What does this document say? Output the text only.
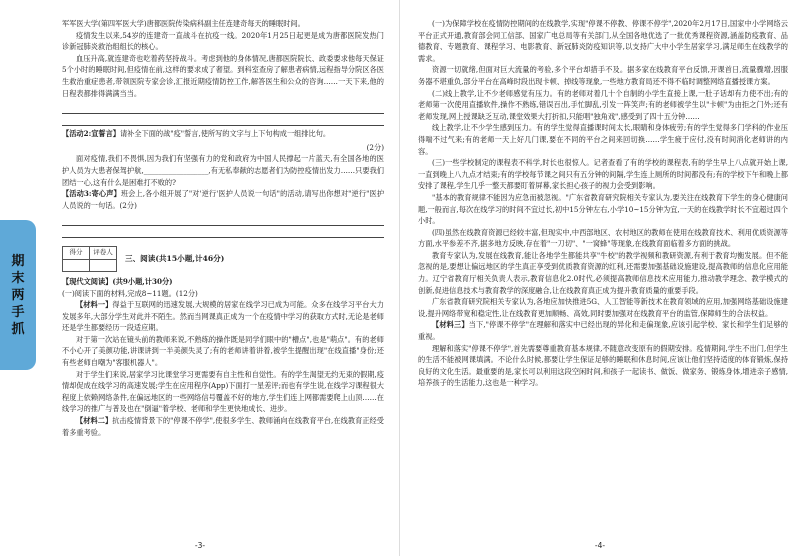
期
末
两
手
抓

军军医大学(第四军医大学)唐都医院传染病科副主任连建奇每天的睡眠时间。

疫情发生以来,54岁的连建奇一直战斗在抗疫一线。2020年1月25日起更是成为唐都医院发热门诊新冠肺炎救治组组长的核心。

血压升高,就连建奇也吃着药坚持战斗。考虑到他的身体情况,唐都医院院长、政委要求他每天保证5个小时的睡眠时间,但疫情在前,这样的要求成了奢望。到科室查房了解患者病情,远程指导分院区各医生救治重症患者,带领医院专家会诊,汇报近期疫情防控工作,解答医生和公众的咨询……一天下来,他的日程表都排得满满当当。

【活动2:宣誓言】请补全下面的战"疫"誓言,使所写的文字与上下句构成一组排比句。

(2分)

面对疫情,我们不畏惧,因为我们有坚强有力的党和政府为中国人民撑起一片蓝天,有全国各地的医护人员为大患者保驾护航,__________________,有无私奉献的志愿者们为防控疫情出发力……只要我们团结一心,这有什么是困难打不败的?

【活动3:寄心声】班会上,各小组开展了"对'逆行'医护人员说一句话"的活动,请写出你想对"逆行"医护人员说的一句话。(2分)

得分	评卷人

三、阅读(共15小题,计46分)

【现代文阅读】(共9小题,计30分)

(一)阅读下面的材料,完成8~11题。(12分)

【材料一】得益于互联网的迅速发展,大规模的居家在线学习已成为可能。众多在线学习平台大力发展多年,大部分学生对此并不陌生。然而当网课真正成为一个在疫情中学习的获取方式时,无论是老师还是学生都要经历一段适应期。

对于第一次站在镜头前的教师来说,不熟练的操作既是同学们眼中的"槽点",也是"萌点"。有的老师不小心开了美颜功能,讲课讲到一半美颜失灵了;有的老师讲着讲着,被学生提醒出现"在线直播"身份;还有些老师自嘲为"客服机器人"。

对于学生们来说,居家学习比课堂学习更需要有自主性和自觉性。有的学生渴望无约无束的假期,疫情却促成在线学习的高速发展;学生在应用程序(App)下面打一星差评;而也有学生说,在线学习课程很大程度上依赖网络条件,在偏远地区的一些网络信号覆盖不好的地方,学生们连上网都需要爬上山顶……在线学习的推广与普及也在"倒逼"着学校、老师和学生更快地成长、进步。

【材料二】抗击疫情背景下的"停课不停学",使很多学生、教师涌向在线教育平台,在线教育正经受着多重考验。

-3-

(一)为保障学校在疫情防控期间的在线教学,实现"停课不停教、停课不停学",2020年2月17日,国家中小学网络云平台正式开通,教育部会同工信部、国家广电总局等有关部门,从全国各地优选了一批优秀课程资源,涵盖防疫教育、品德教育、专题教育、课程学习、电影教育、新冠肺炎防疫知识等,以支持广大中小学生居家学习,满足师生在线教学的需求。

资源一切就绪,但面对巨大流量的考验,多个平台却措手不及。据多家在线教育平台反馈,开课首日,流量骤增,因服务器不堪重负,部分平台在高峰时段出现卡顿、掉线等现象,一些地方教育局还不得不临时调整网络直播授课方案。

(二)线上教学,让不少老师感觉有压力。有的老师对着几十个自制的小学生直接上课,一肚子话却有力使不出;有的老师第一次使用直播软件,操作不熟练,错误百出,手忙脚乱,引发一阵笑声;有的老师被学生以"卡顿"为由拒之门外;还有老师发现,网上授课缺乏互动,课堂效果大打折扣,只能唱"独角戏",感受到了四十五分钟……

线上教学,让不少学生感到压力。有的学生觉得直播课时间太长,眼睛和身体疲劳;有的学生觉得多门学科的作业压得喘不过气来;有的老师一天上好几门课,要在不同的平台之间来回切换……学生疲于应付,没有时间消化老师讲的内容。

(三)一些学校制定的课程表不科学,时长也很惊人。记者查看了有的学校的课程表,有的学生早上八点就开始上课,一直到晚上八九点才结束;有的学校每节课之间只有五分钟的间隔,学生连上厕所的时间都没有;有的学校下午和晚上都安排了课程,学生几乎一整天都要盯着屏幕,家长担心孩子的视力会受到影响。

"基本的教育规律不能因为应急而被忽视。"广东省教育研究院相关专家认为,要关注在线教育下学生的身心健康问题,一般而言,每次在线学习的时间不宜过长,初中15分钟左右,小学10~15分钟为宜,一天的在线教学时长不宜超过四个小时。

(四)虽然在线教育资源已经较丰富,但现实中,中西部地区、农村地区的教师在使用在线教育技术、利用优质资源等方面,水平参差不齐,据多地方反映,存在着"一刀切"、"一窝蜂"等现象,在线教育面临着多方面的挑战。

教育专家认为,发展在线教育,能让各地学生都能共享"牛校"的教学视频和教研资源,有利于教育均衡发展。但不能忽视的是,要想让偏远地区的学生真正享受到优质教育资源的红利,还需要加强基础设施建设,提高教师的信息化应用能力。辽宁省教育厅相关负责人表示,教育信息化2.0时代,必须提高教师信息技术应用能力,推动教学理念、教学模式的创新,促进信息技术与教育教学的深度融合,让在线教育真正成为提升教育质量的重要手段。

广东省教育研究院相关专家认为,各地应加快推进5G、人工智能等新技术在教育领域的应用,加强网络基础设施建设,提升网络带宽和稳定性,让在线教育更加顺畅、高效,同时要加强对在线教育平台的监管,保障师生的合法权益。

【材料三】当下,"停课不停学"在理解和落实中已经出现的异化和走偏现象,应该引起学校、家长和学生们足够的重视。

理解和落实"停课不停学",首先需要尊重教育基本规律,不随意改变原有的假期安排。疫情期间,学生不出门,但学生的生活不能被网课填满。不论什么时候,都要让学生保证足够的睡眠和休息时间,应该让他们坚持适度的体育锻炼,保持良好的文化生活。最重要的是,家长可以利用这段空闲时间,和孩子一起读书、做饭、做家务、锻炼身体,增进亲子感情,培养孩子的生活能力,这也是一种学习。

-4-
